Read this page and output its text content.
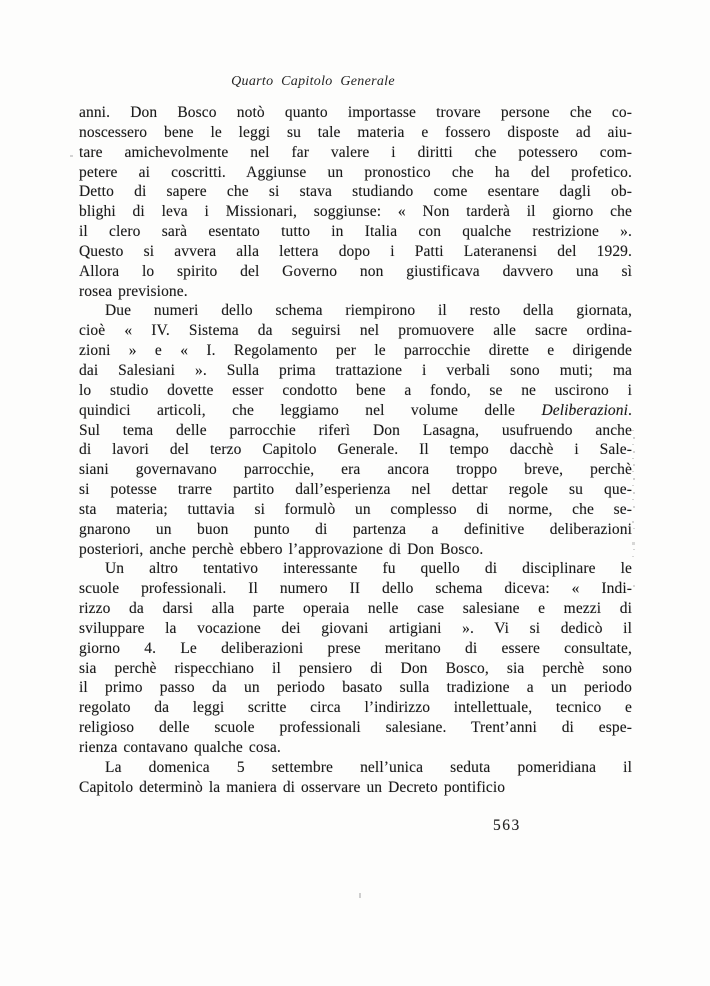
Quarto Capitolo Generale
anni. Don Bosco notò quanto importasse trovare persone che co-
noscessero bene le leggi su tale materia e fossero disposte ad aiu-
tare amichevolmente nel far valere i diritti che potessero com-
petere ai coscritti. Aggiunse un pronostico che ha del profetico.
Detto di sapere che si stava studiando come esentare dagli ob-
blighi di leva i Missionari, soggiunse: « Non tarderà il giorno che
il clero sarà esentato tutto in Italia con qualche restrizione ».
Questo si avvera alla lettera dopo i Patti Lateranensi del 1929.
Allora lo spirito del Governo non giustificava davvero una sì
rosea previsione.
Due numeri dello schema riempirono il resto della giornata,
cioè « IV. Sistema da seguirsi nel promuovere alle sacre ordina-
zioni » e « I. Regolamento per le parrocchie dirette e dirigende
dai Salesiani ». Sulla prima trattazione i verbali sono muti; ma
lo studio dovette esser condotto bene a fondo, se ne uscirono i
quindici articoli, che leggiamo nel volume delle Deliberazioni.
Sul tema delle parrocchie riferì Don Lasagna, usufruendo anche
di lavori del terzo Capitolo Generale. Il tempo dacchè i Sale-
siani governavano parrocchie, era ancora troppo breve, perchè
si potesse trarre partito dall’esperienza nel dettar regole su que-
sta materia; tuttavia si formulò un complesso di norme, che se-
gnarono un buon punto di partenza a definitive deliberazioni
posteriori, anche perchè ebbero l’approvazione di Don Bosco.
Un altro tentativo interessante fu quello di disciplinare le
scuole professionali. Il numero II dello schema diceva: « Indi-
rizzo da darsi alla parte operaia nelle case salesiane e mezzi di
sviluppare la vocazione dei giovani artigiani ». Vi si dedicò il
giorno 4. Le deliberazioni prese meritano di essere consultate,
sia perchè rispecchiano il pensiero di Don Bosco, sia perchè sono
il primo passo da un periodo basato sulla tradizione a un periodo
regolato da leggi scritte circa l’indirizzo intellettuale, tecnico e
religioso delle scuole professionali salesiane. Trent’anni di espe-
rienza contavano qualche cosa.
La domenica 5 settembre nell’unica seduta pomeridiana il
Capitolo determinò la maniera di osservare un Decreto pontificio
563
